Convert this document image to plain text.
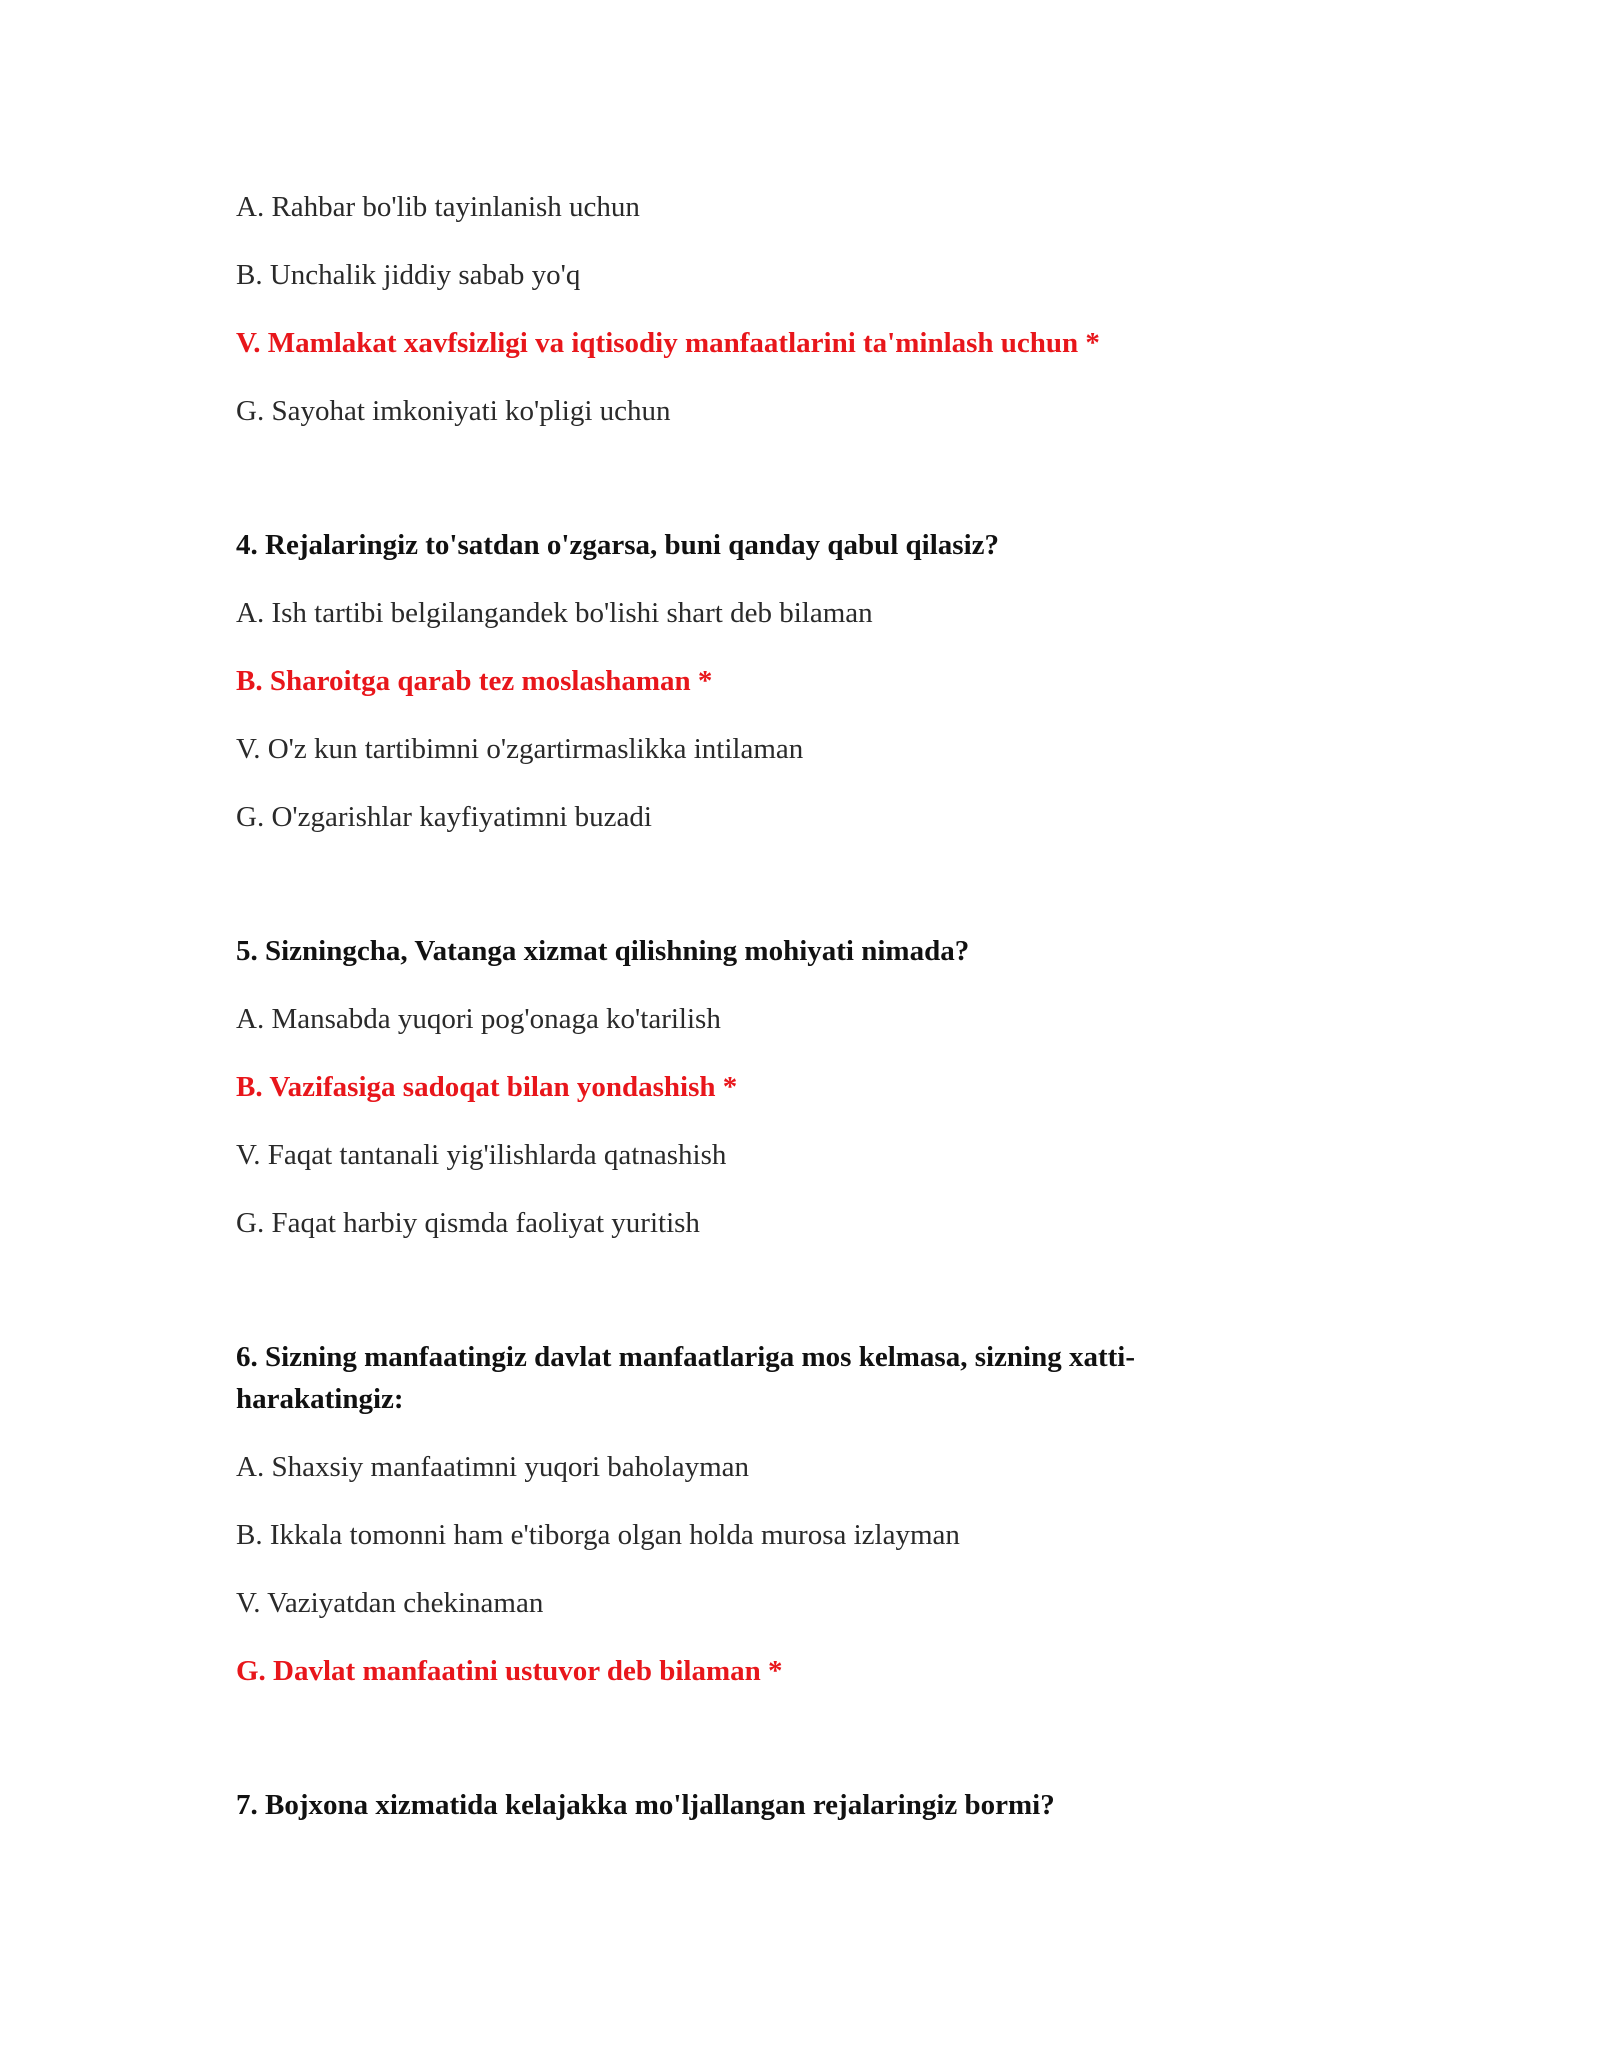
A. Rahbar bo'lib tayinlanish uchun
B. Unchalik jiddiy sabab yo'q
V. Mamlakat xavfsizligi va iqtisodiy manfaatlarini ta'minlash uchun *
G. Sayohat imkoniyati ko'pligi uchun
4. Rejalaringiz to'satdan o'zgarsa, buni qanday qabul qilasiz?
A. Ish tartibi belgilangandek bo'lishi shart deb bilaman
B. Sharoitga qarab tez moslashaman *
V. O'z kun tartibimni o'zgartirmaslikka intilaman
G. O'zgarishlar kayfiyatimni buzadi
5. Sizningcha, Vatanga xizmat qilishning mohiyati nimada?
A. Mansabda yuqori pog'onaga ko'tarilish
B. Vazifasiga sadoqat bilan yondashish *
V. Faqat tantanali yig'ilishlarda qatnashish
G. Faqat harbiy qismda faoliyat yuritish
6. Sizning manfaatingiz davlat manfaatlariga mos kelmasa, sizning xatti-harakatingiz:
A. Shaxsiy manfaatimni yuqori baholayman
B. Ikkala tomonni ham e'tiborga olgan holda murosa izlayman
V. Vaziyatdan chekinaman
G. Davlat manfaatini ustuvor deb bilaman *
7. Bojxona xizmatida kelajakka mo'ljallangan rejalaringiz bormi?
